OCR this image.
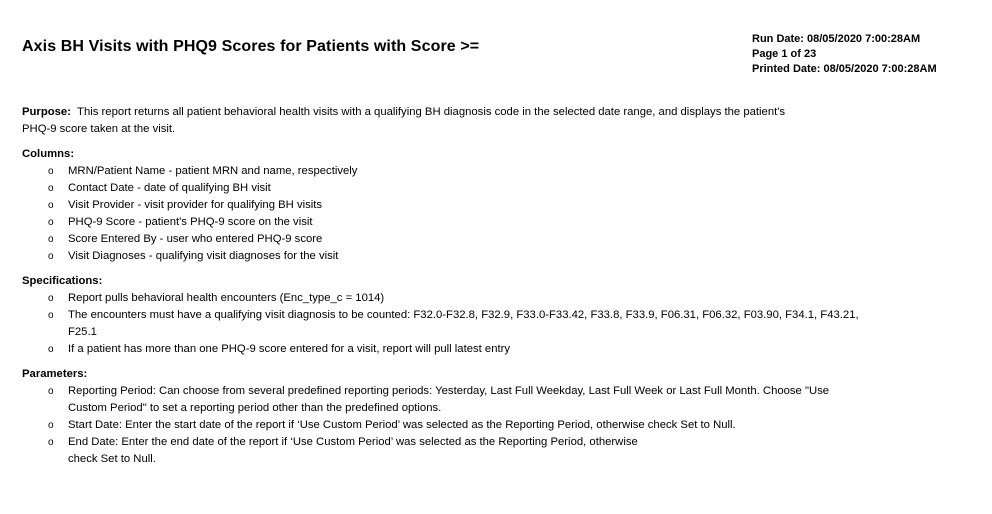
Axis BH Visits with PHQ9 Scores for Patients with Score >=	Run Date: 08/05/2020 7:00:28AM
Page 1 of 23
Printed Date: 08/05/2020 7:00:28AM

Purpose: This report returns all patient behavioral health visits with a qualifying BH diagnosis code in the selected date range, and displays the patient's
PHQ-9 score taken at the visit.

Columns:
o MRN/Patient Name - patient MRN and name, respectively
o Contact Date - date of qualifying BH visit
o Visit Provider - visit provider for qualifying BH visits
o PHQ-9 Score - patient's PHQ-9 score on the visit
o Score Entered By - user who entered PHQ-9 score
o Visit Diagnoses - qualifying visit diagnoses for the visit
Specifications:
o Report pulls behavioral health encounters (Enc_type_c = 1014)
o The encounters must have a qualifying visit diagnosis to be counted: F32.0-F32.8, F32.9, F33.0-F33.42, F33.8, F33.9, F06.31, F06.32, F03.90, F34.1, F43.21,
F25.1
o If a patient has more than one PHQ-9 score entered for a visit, report will pull latest entry
Parameters:
o Reporting Period: Can choose from several predefined reporting periods: Yesterday, Last Full Weekday, Last Full Week or Last Full Month. Choose "Use
Custom Period" to set a reporting period other than the predefined options.
o Start Date: Enter the start date of the report if ‘Use Custom Period’ was selected as the Reporting Period, otherwise check Set to Null.
o End Date: Enter the end date of the report if ‘Use Custom Period’ was selected as the Reporting Period, otherwise
check Set to Null.
